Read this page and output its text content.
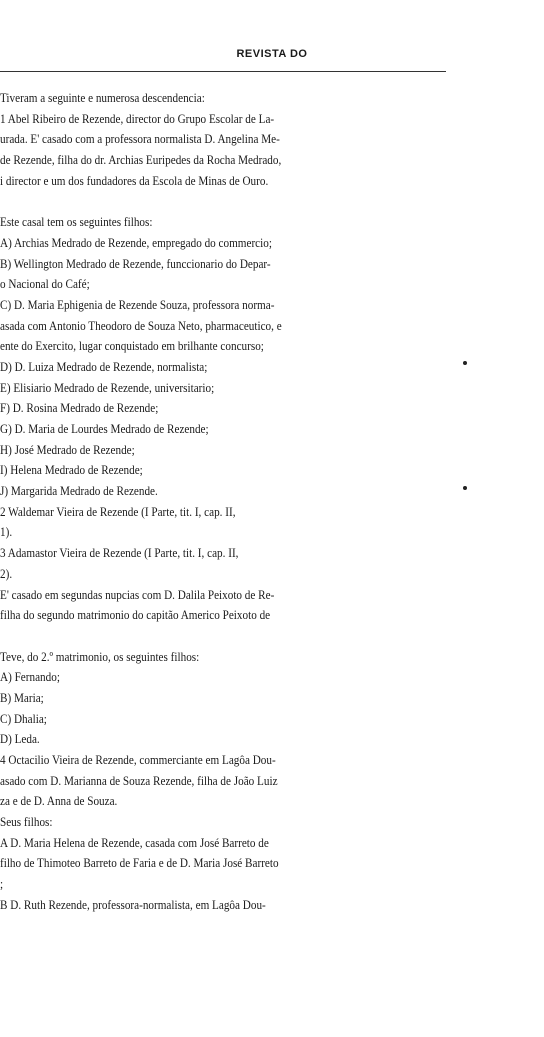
REVISTA DO
Tiveram a seguinte e numerosa descendencia:
1 Abel Ribeiro de Rezende, director do Grupo Escolar de La-
urada. E' casado com a professora normalista D. Angelina Me-
de Rezende, filha do dr. Archias Euripedes da Rocha Medrado,
i director e um dos fundadores da Escola de Minas de Ouro.
Este casal tem os seguintes filhos:
A) Archias Medrado de Rezende, empregado do commercio;
B) Wellington Medrado de Rezende, funccionario do Depar-
o Nacional do Café;
C) D. Maria Ephigenia de Rezende Souza, professora norma-
asada com Antonio Theodoro de Souza Neto, pharmaceutico, e
ente do Exercito, lugar conquistado em brilhante concurso;
D) D. Luiza Medrado de Rezende, normalista;
E) Elisiario Medrado de Rezende, universitario;
F) D. Rosina Medrado de Rezende;
G) D. Maria de Lourdes Medrado de Rezende;
H) José Medrado de Rezende;
I) Helena Medrado de Rezende;
J) Margarida Medrado de Rezende.
2 Waldemar Vieira de Rezende (I Parte, tit. I, cap. II,
1).
3 Adamastor Vieira de Rezende (I Parte, tit. I, cap. II,
2).
E' casado em segundas nupcias com D. Dalila Peixoto de Re-
filha do segundo matrimonio do capitão Americo Peixoto de
Teve, do 2.º matrimonio, os seguintes filhos:
A) Fernando;
B) Maria;
C) Dhalia;
D) Leda.
4 Octacilio Vieira de Rezende, commerciante em Lagôa Dou-
asado com D. Marianna de Souza Rezende, filha de João Luiz
za e de D. Anna de Souza.
Seus filhos:
A D. Maria Helena de Rezende, casada com José Barreto de
filho de Thimoteo Barreto de Faria e de D. Maria José Barreto
;
B D. Ruth Rezende, professora-normalista, em Lagôa Dou-
